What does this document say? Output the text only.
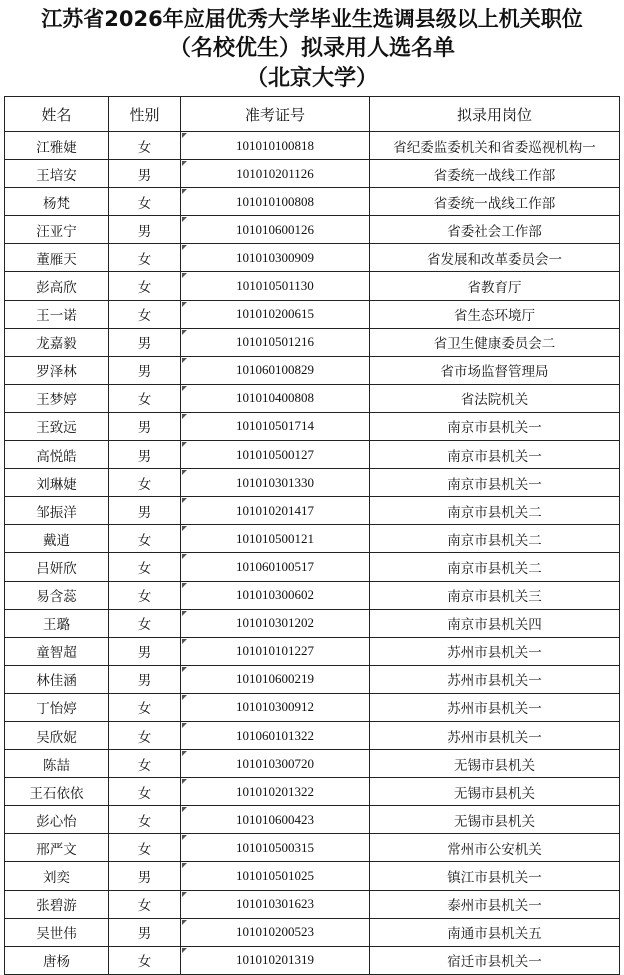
江苏省2026年应届优秀大学毕业生选调县级以上机关职位
（名校优生）拟录用人选名单
（北京大学）
姓名	性别	准考证号	拟录用岗位
江雅婕	女	101010100818	省纪委监委机关和省委巡视机构一
王培安	男	101010201126	省委统一战线工作部
杨梵	女	101010100808	省委统一战线工作部
汪亚宁	男	101010600126	省委社会工作部
董雁天	女	101010300909	省发展和改革委员会一
彭高欣	女	101010501130	省教育厅
王一诺	女	101010200615	省生态环境厅
龙嘉毅	男	101010501216	省卫生健康委员会二
罗泽林	男	101060100829	省市场监督管理局
王梦婷	女	101010400808	省法院机关
王致远	男	101010501714	南京市县机关一
高悦皓	男	101010500127	南京市县机关一
刘琳婕	女	101010301330	南京市县机关一
邹振洋	男	101010201417	南京市县机关二
戴逍	女	101010500121	南京市县机关二
吕妍欣	女	101060100517	南京市县机关二
易含蕊	女	101010300602	南京市县机关三
王璐	女	101010301202	南京市县机关四
童智超	男	101010101227	苏州市县机关一
林佳涵	男	101010600219	苏州市县机关一
丁怡婷	女	101010300912	苏州市县机关一
吴欣妮	女	101060101322	苏州市县机关一
陈喆	女	101010300720	无锡市县机关
王石依依	女	101010201322	无锡市县机关
彭心怡	女	101010600423	无锡市县机关
邢严文	女	101010500315	常州市公安机关
刘奕	男	101010501025	镇江市县机关一
张碧游	女	101010301623	泰州市县机关一
吴世伟	男	101010200523	南通市县机关五
唐杨	女	101010201319	宿迁市县机关一
